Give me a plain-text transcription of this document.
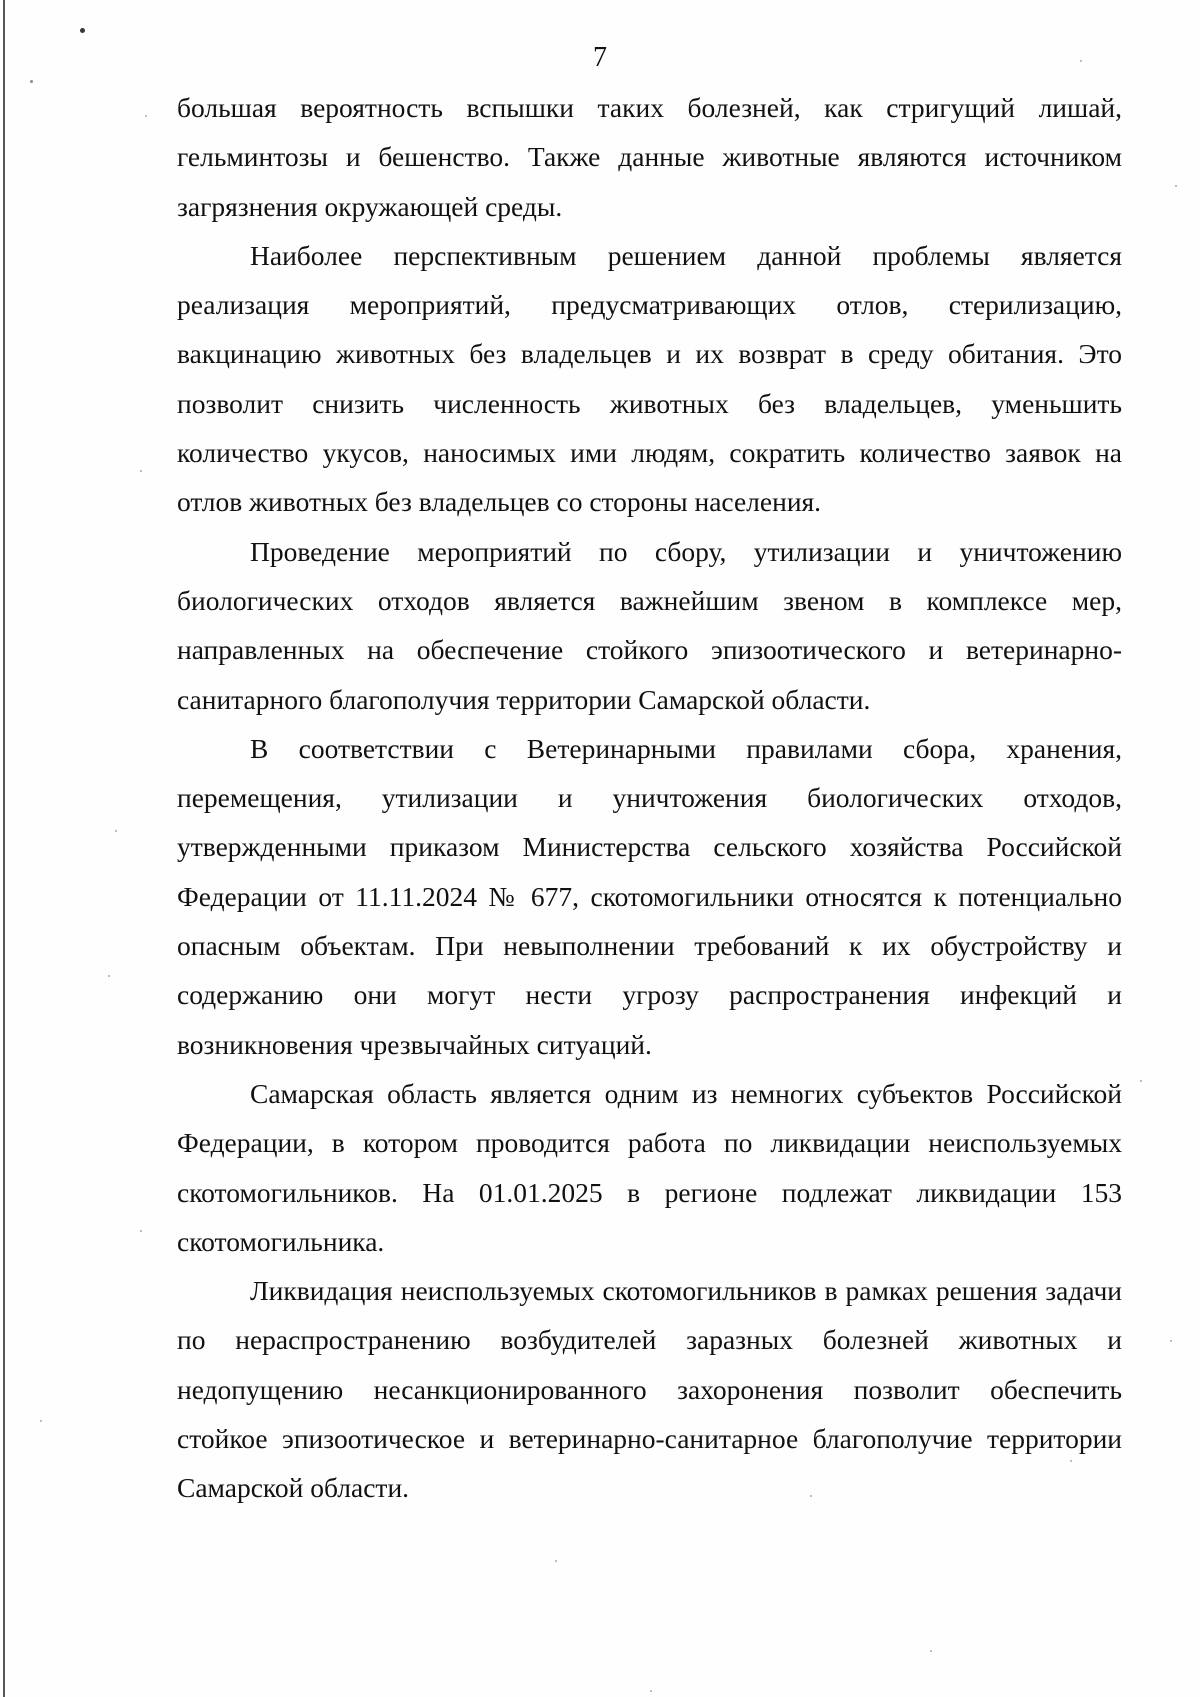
7

большая вероятность вспышки таких болезней, как стригущий лишай, гельминтозы и бешенство. Также данные животные являются источником загрязнения окружающей среды.

Наиболее перспективным решением данной проблемы является реализация мероприятий, предусматривающих отлов, стерилизацию, вакцинацию животных без владельцев и их возврат в среду обитания. Это позволит снизить численность животных без владельцев, уменьшить количество укусов, наносимых ими людям, сократить количество заявок на отлов животных без владельцев со стороны населения.

Проведение мероприятий по сбору, утилизации и уничтожению биологических отходов является важнейшим звеном в комплексе мер, направленных на обеспечение стойкого эпизоотического и ветеринарно-санитарного благополучия территории Самарской области.

В соответствии с Ветеринарными правилами сбора, хранения, перемещения, утилизации и уничтожения биологических отходов, утвержденными приказом Министерства сельского хозяйства Российской Федерации от 11.11.2024 № 677, скотомогильники относятся к потенциально опасным объектам. При невыполнении требований к их обустройству и содержанию они могут нести угрозу распространения инфекций и возникновения чрезвычайных ситуаций.

Самарская область является одним из немногих субъектов Российской Федерации, в котором проводится работа по ликвидации неиспользуемых скотомогильников. На 01.01.2025 в регионе подлежат ликвидации 153 скотомогильника.

Ликвидация неиспользуемых скотомогильников в рамках решения задачи по нераспространению возбудителей заразных болезней животных и недопущению несанкционированного захоронения позволит обеспечить стойкое эпизоотическое и ветеринарно-санитарное благополучие территории Самарской области.
